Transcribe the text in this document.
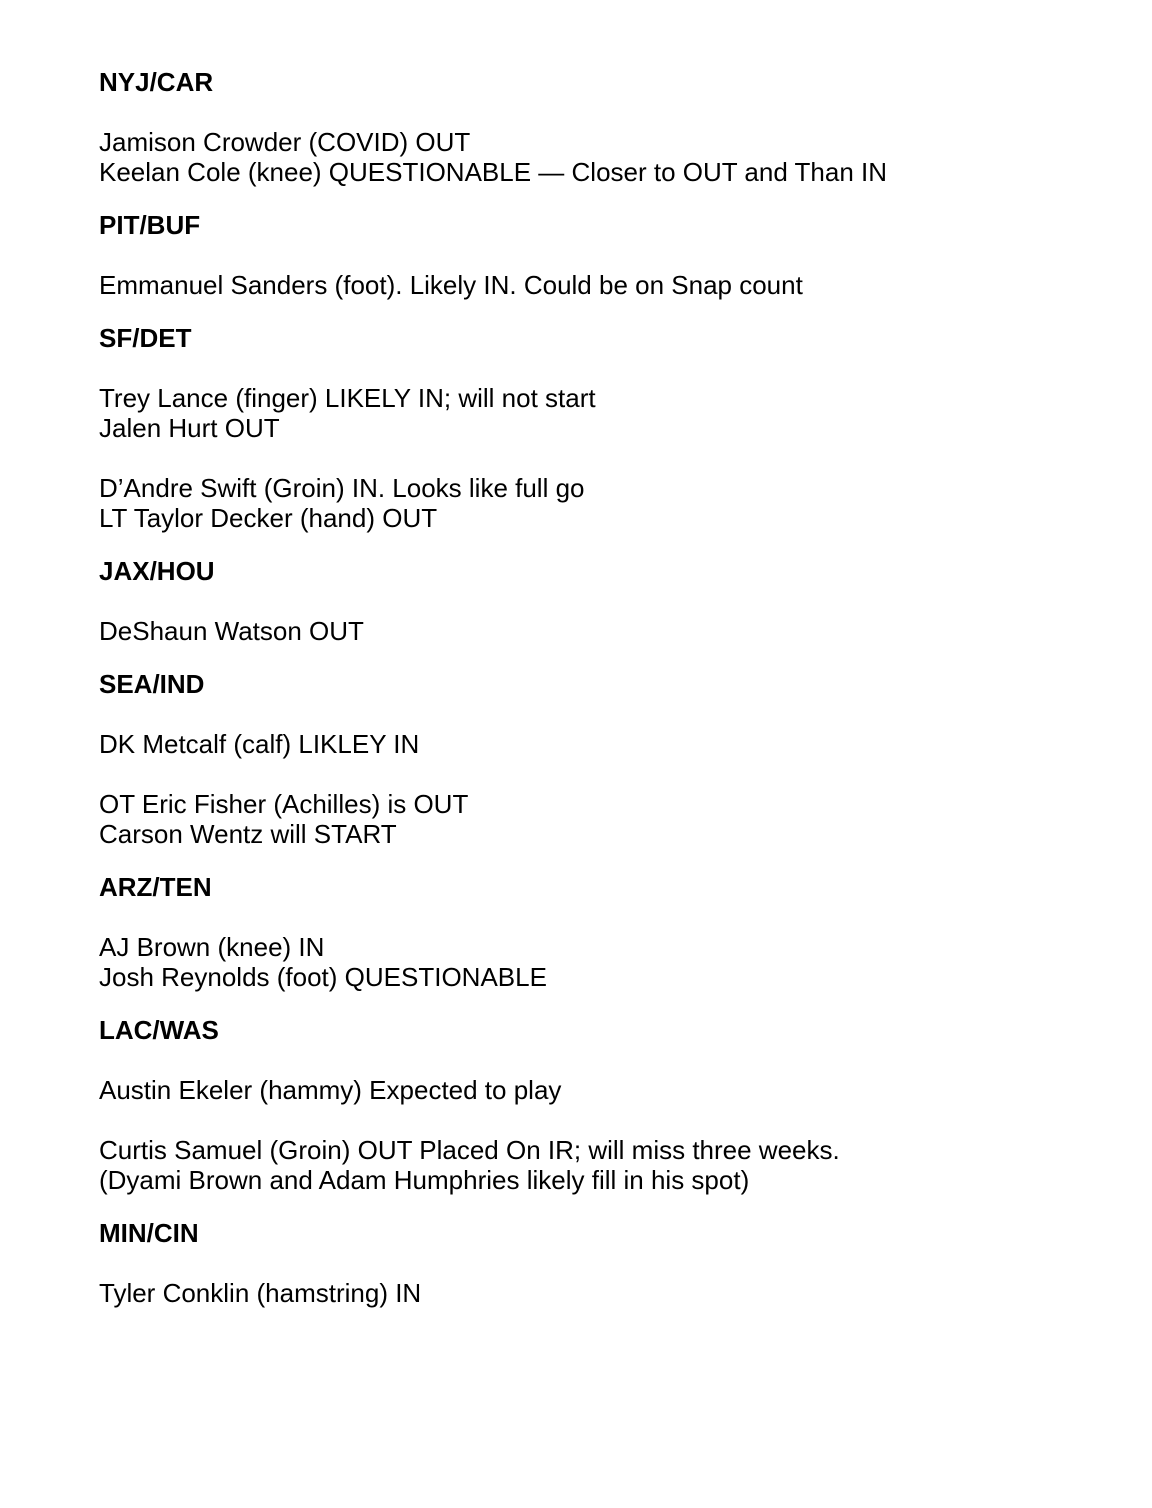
NYJ/CAR
Jamison Crowder (COVID) OUT
Keelan Cole (knee) QUESTIONABLE — Closer to OUT and Than IN
PIT/BUF
Emmanuel Sanders (foot). Likely IN. Could be on Snap count
SF/DET
Trey Lance (finger) LIKELY IN; will not start
Jalen Hurt OUT
D’Andre Swift (Groin) IN. Looks like full go
LT Taylor Decker (hand) OUT
JAX/HOU
DeShaun Watson OUT
SEA/IND
DK Metcalf (calf) LIKLEY IN
OT Eric Fisher (Achilles) is OUT
Carson Wentz will START
ARZ/TEN
AJ Brown (knee) IN
Josh Reynolds (foot) QUESTIONABLE
LAC/WAS
Austin Ekeler (hammy) Expected to play
Curtis Samuel (Groin) OUT Placed On IR; will miss three weeks.
(Dyami Brown and Adam Humphries likely fill in his spot)
MIN/CIN
Tyler Conklin (hamstring) IN
